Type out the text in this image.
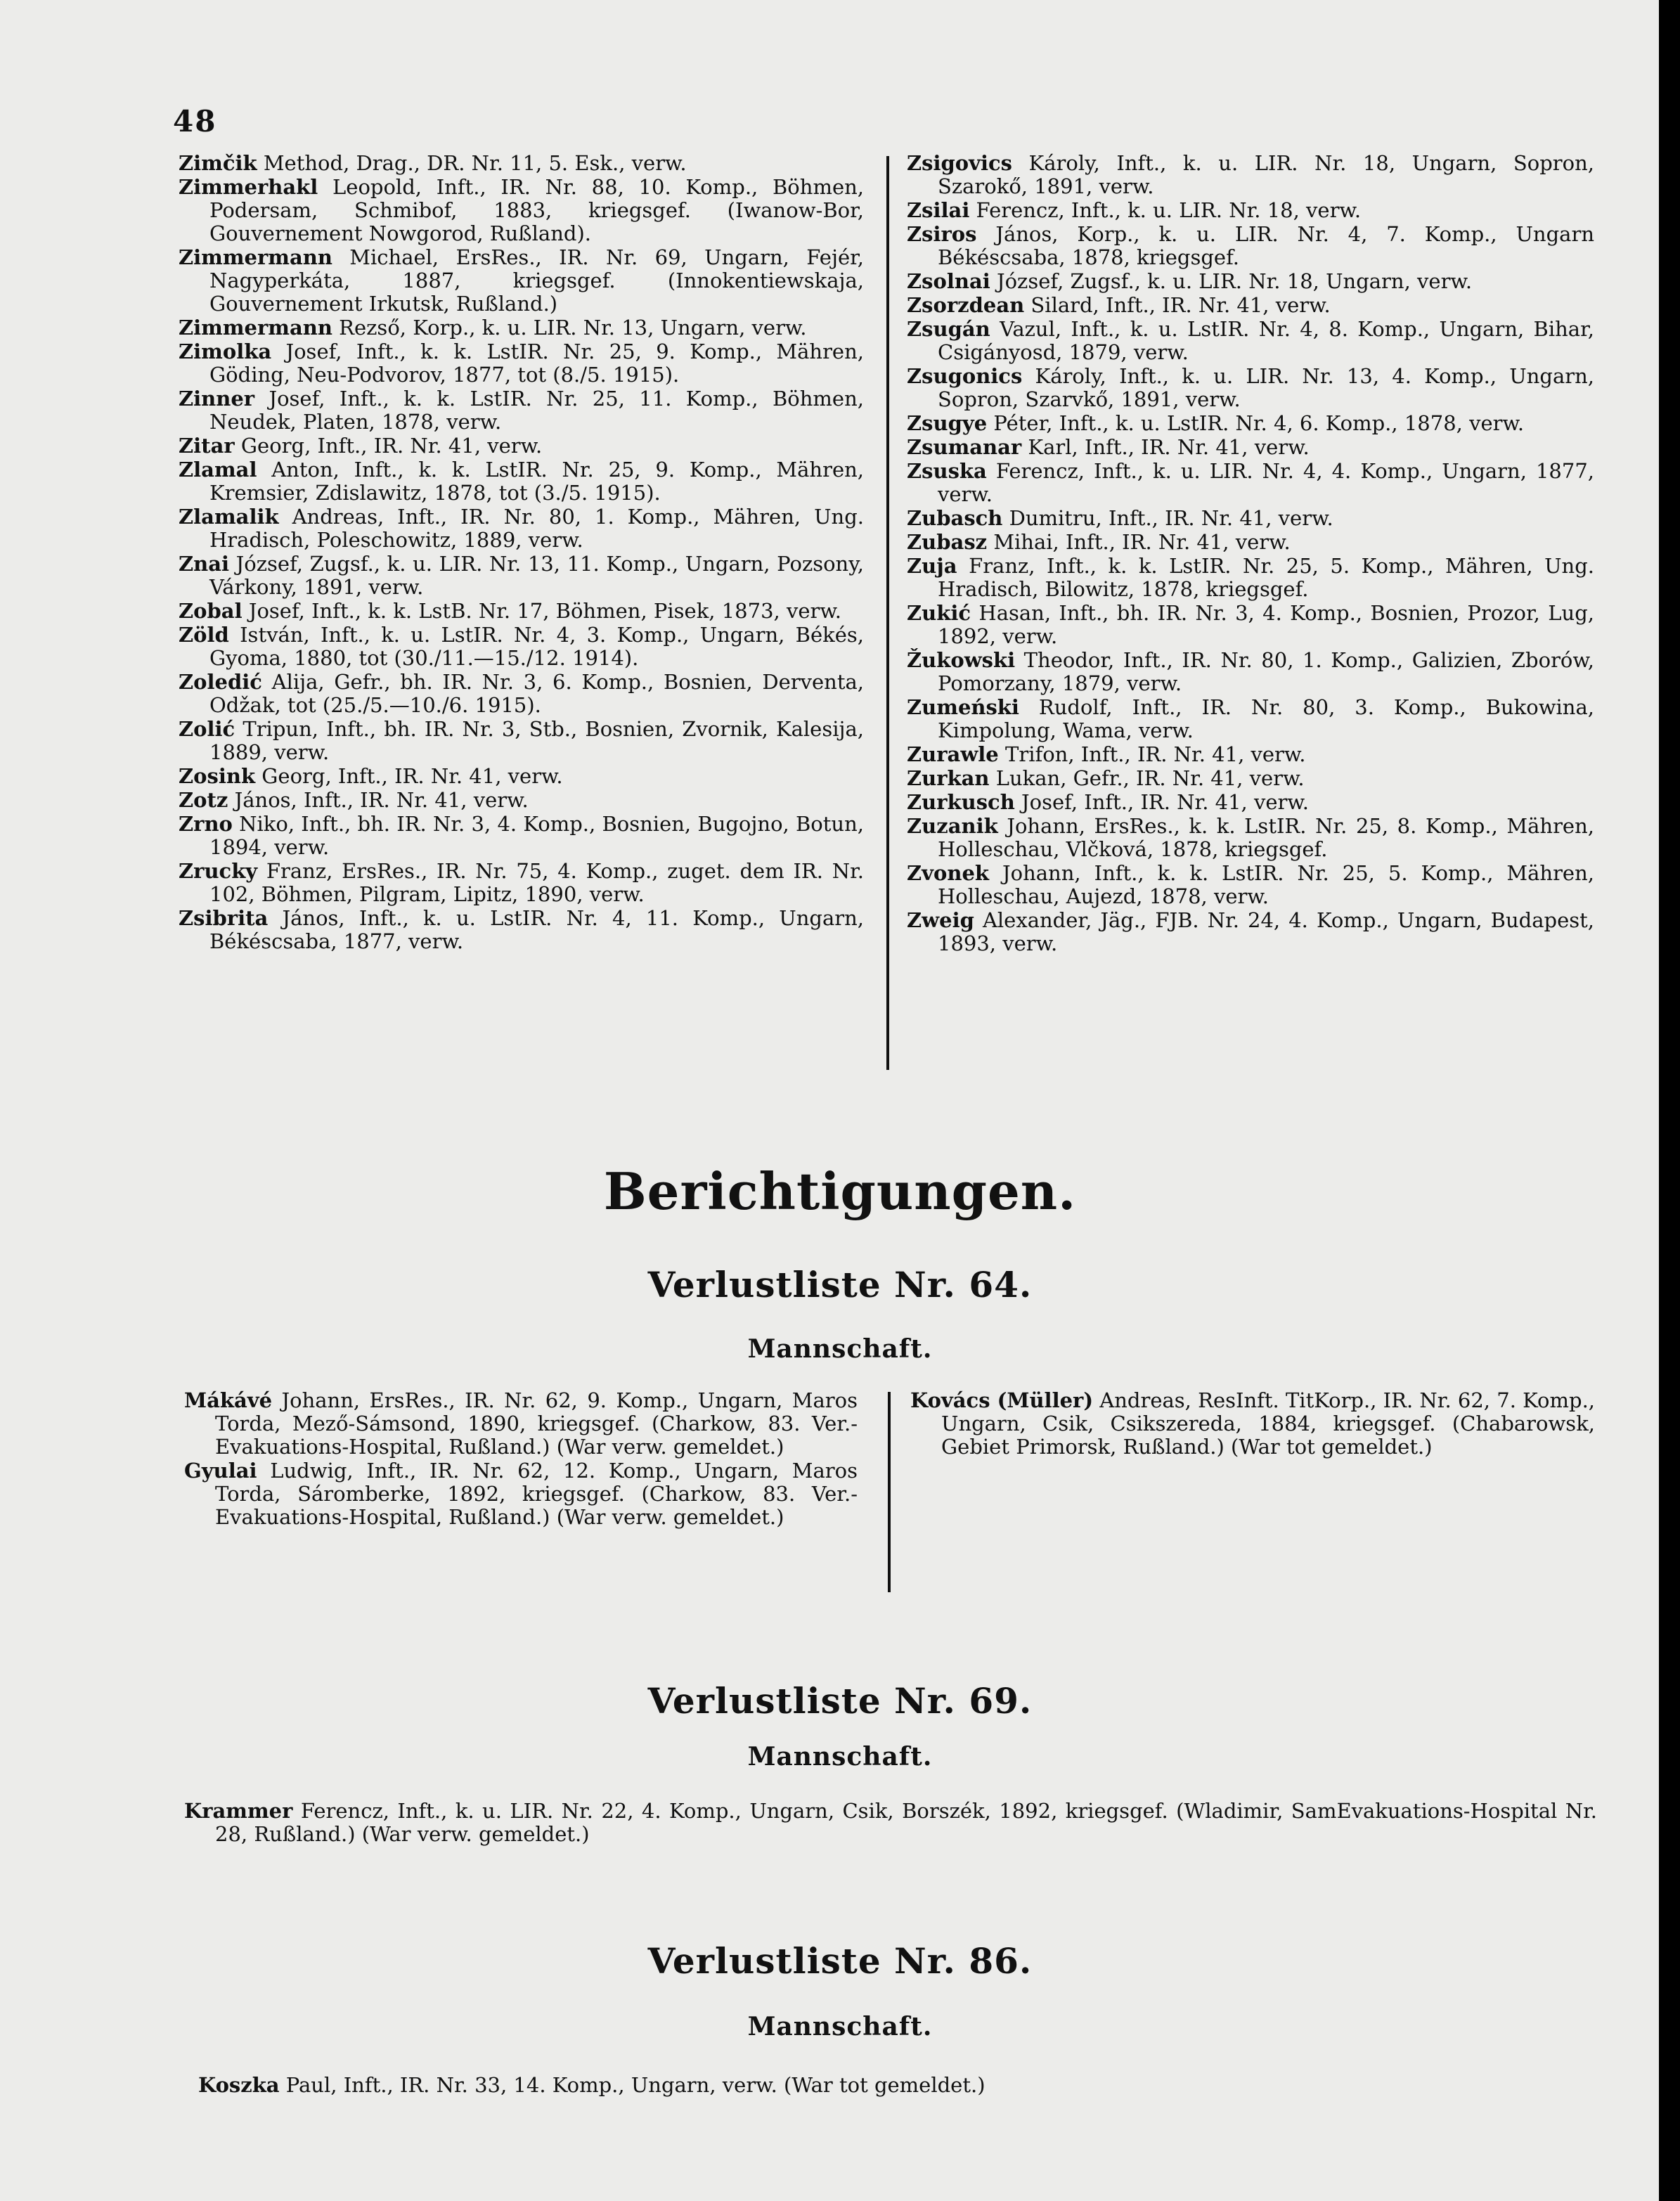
48
Zimčik Method, Drag., DR. Nr. 11, 5. Esk., verw.
Zimmerhakl Leopold, Inft., IR. Nr. 88, 10. Komp., Böhmen, Podersam, Schmibof, 1883, kriegsgef. (Iwanow-Bor, Gouvernement Nowgorod, Rußland).
Zimmermann Michael, ErsRes., IR. Nr. 69, Ungarn, Fejér, Nagyperkáta, 1887, kriegsgef. (Innokentiewskaja, Gouvernement Irkutsk, Rußland.)
Zimmermann Rezső, Korp., k. u. LIR. Nr. 13, Ungarn, verw.
Zimolka Josef, Inft., k. k. LstIR. Nr. 25, 9. Komp., Mähren, Göding, Neu-Podvorov, 1877, tot (8./5. 1915).
Zinner Josef, Inft., k. k. LstIR. Nr. 25, 11. Komp., Böhmen, Neudek, Platen, 1878, verw.
Zitar Georg, Inft., IR. Nr. 41, verw.
Zlamal Anton, Inft., k. k. LstIR. Nr. 25, 9. Komp., Mähren, Kremsier, Zdislawitz, 1878, tot (3./5. 1915).
Zlamalik Andreas, Inft., IR. Nr. 80, 1. Komp., Mähren, Ung. Hradisch, Poleschowitz, 1889, verw.
Znai József, Zugsf., k. u. LIR. Nr. 13, 11. Komp., Ungarn, Pozsony, Várkony, 1891, verw.
Zobal Josef, Inft., k. k. LstB. Nr. 17, Böhmen, Pisek, 1873, verw.
Zöld István, Inft., k. u. LstIR. Nr. 4, 3. Komp., Ungarn, Békés, Gyoma, 1880, tot (30./11.—15./12. 1914).
Zoledić Alija, Gefr., bh. IR. Nr. 3, 6. Komp., Bosnien, Derventa, Odžak, tot (25./5.—10./6. 1915).
Zolić Tripun, Inft., bh. IR. Nr. 3, Stb., Bosnien, Zvornik, Kalesija, 1889, verw.
Zosink Georg, Inft., IR. Nr. 41, verw.
Zotz János, Inft., IR. Nr. 41, verw.
Zrno Niko, Inft., bh. IR. Nr. 3, 4. Komp., Bosnien, Bugojno, Botun, 1894, verw.
Zrucky Franz, ErsRes., IR. Nr. 75, 4. Komp., zuget. dem IR. Nr. 102, Böhmen, Pilgram, Lipitz, 1890, verw.
Zsibrita János, Inft., k. u. LstIR. Nr. 4, 11. Komp., Ungarn, Békéscsaba, 1877, verw.
Zsigovics Károly, Inft., k. u. LIR. Nr. 18, Ungarn, Sopron, Szarokő, 1891, verw.
Zsilai Ferencz, Inft., k. u. LIR. Nr. 18, verw.
Zsiros János, Korp., k. u. LIR. Nr. 4, 7. Komp., Ungarn Békéscsaba, 1878, kriegsgef.
Zsolnai József, Zugsf., k. u. LIR. Nr. 18, Ungarn, verw.
Zsorzdean Silard, Inft., IR. Nr. 41, verw.
Zsugán Vazul, Inft., k. u. LstIR. Nr. 4, 8. Komp., Ungarn, Bihar, Csigányosd, 1879, verw.
Zsugonics Károly, Inft., k. u. LIR. Nr. 13, 4. Komp., Ungarn, Sopron, Szarvkő, 1891, verw.
Zsugye Péter, Inft., k. u. LstIR. Nr. 4, 6. Komp., 1878, verw.
Zsumanar Karl, Inft., IR. Nr. 41, verw.
Zsuska Ferencz, Inft., k. u. LIR. Nr. 4, 4. Komp., Ungarn, 1877, verw.
Zubasch Dumitru, Inft., IR. Nr. 41, verw.
Zubasz Mihai, Inft., IR. Nr. 41, verw.
Zuja Franz, Inft., k. k. LstIR. Nr. 25, 5. Komp., Mähren, Ung. Hradisch, Bilowitz, 1878, kriegsgef.
Zukić Hasan, Inft., bh. IR. Nr. 3, 4. Komp., Bosnien, Prozor, Lug, 1892, verw.
Žukowski Theodor, Inft., IR. Nr. 80, 1. Komp., Galizien, Zborów, Pomorzany, 1879, verw.
Zumeński Rudolf, Inft., IR. Nr. 80, 3. Komp., Bukowina, Kimpolung, Wama, verw.
Zurawle Trifon, Inft., IR. Nr. 41, verw.
Zurkan Lukan, Gefr., IR. Nr. 41, verw.
Zurkusch Josef, Inft., IR. Nr. 41, verw.
Zuzanik Johann, ErsRes., k. k. LstIR. Nr. 25, 8. Komp., Mähren, Holleschau, Vlčková, 1878, kriegsgef.
Zvonek Johann, Inft., k. k. LstIR. Nr. 25, 5. Komp., Mähren, Holleschau, Aujezd, 1878, verw.
Zweig Alexander, Jäg., FJB. Nr. 24, 4. Komp., Ungarn, Budapest, 1893, verw.
Berichtigungen.
Verlustliste Nr. 64.
Mannschaft.
Mákávé Johann, ErsRes., IR. Nr. 62, 9. Komp., Ungarn, Maros Torda, Mező-Sámsond, 1890, kriegsgef. (Charkow, 83. Ver.-Evakuations-Hospital, Rußland.) (War verw. gemeldet.)
Gyulai Ludwig, Inft., IR. Nr. 62, 12. Komp., Ungarn, Maros Torda, Sáromberke, 1892, kriegsgef. (Charkow, 83. Ver.-Evakuations-Hospital, Rußland.) (War verw. gemeldet.)
Kovács (Müller) Andreas, ResInft. TitKorp., IR. Nr. 62, 7. Komp., Ungarn, Csik, Csikszereda, 1884, kriegsgef. (Chabarowsk, Gebiet Primorsk, Rußland.) (War tot gemeldet.)
Verlustliste Nr. 69.
Mannschaft.
Krammer Ferencz, Inft., k. u. LIR. Nr. 22, 4. Komp., Ungarn, Csik, Borszék, 1892, kriegsgef. (Wladimir, SamEvakuations-Hospital Nr. 28, Rußland.) (War verw. gemeldet.)
Verlustliste Nr. 86.
Mannschaft.
Koszka Paul, Inft., IR. Nr. 33, 14. Komp., Ungarn, verw. (War tot gemeldet.)
